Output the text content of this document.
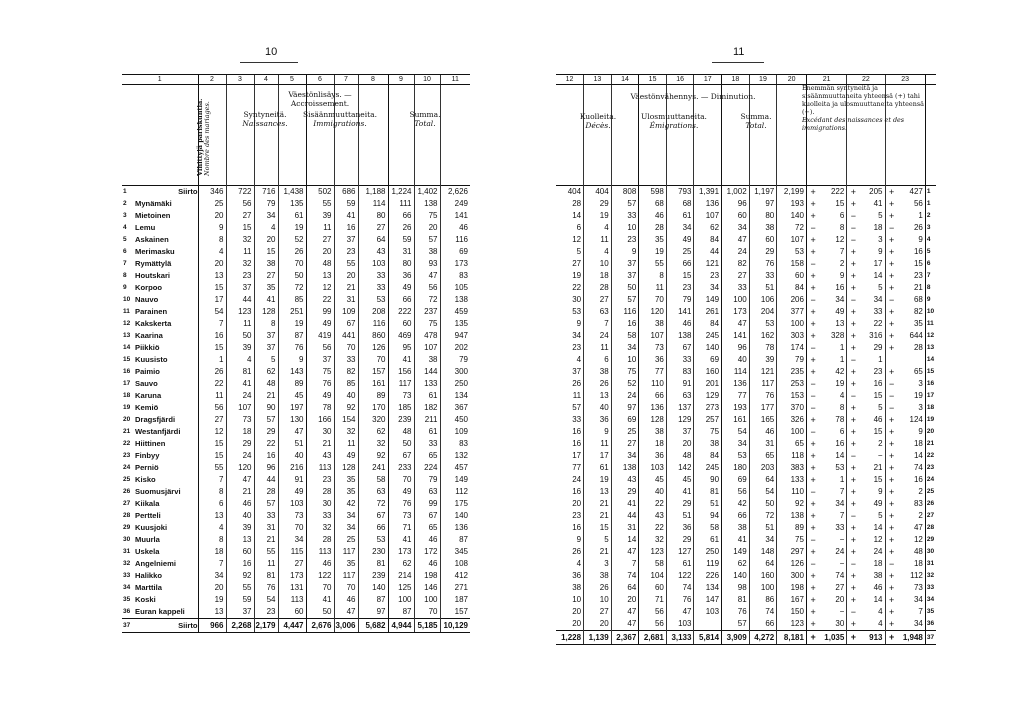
10	11
1		2	3	4	5	6	7	8	9	10	11

1	Siirto	346	722	716	1,438	502	686	1,188	1,224	1,402	2,626
2	Mynämäki	25	56	79	135	55	59	114	111	138	249
3	Mietoinen	20	27	34	61	39	41	80	66	75	141
4	Lemu	9	15	4	19	11	16	27	26	20	46
5	Askainen	8	32	20	52	27	37	64	59	57	116
6	Merimasku	4	11	15	26	20	23	43	31	38	69
7	Rymättylä	20	32	38	70	48	55	103	80	93	173
8	Houtskari	13	23	27	50	13	20	33	36	47	83
9	Korpoo	15	37	35	72	12	21	33	49	56	105
10	Nauvo	17	44	41	85	22	31	53	66	72	138
11	Parainen	54	123	128	251	99	109	208	222	237	459
12	Kakskerta	7	11	8	19	49	67	116	60	75	135
13	Kaarina	16	50	37	87	419	441	860	469	478	947
14	Piikkiö	15	39	37	76	56	70	126	95	107	202
15	Kuusisto	1	4	5	9	37	33	70	41	38	79
16	Paimio	26	81	62	143	75	82	157	156	144	300
17	Sauvo	22	41	48	89	76	85	161	117	133	250
18	Karuna	11	24	21	45	49	40	89	73	61	134
19	Kemiö	56	107	90	197	78	92	170	185	182	367
20	Dragsfjärdi	27	73	57	130	166	154	320	239	211	450
21	Westanfjärdi	12	18	29	47	30	32	62	48	61	109
22	Hiittinen	15	29	22	51	21	11	32	50	33	83
23	Finbyy	15	24	16	40	43	49	92	67	65	132
24	Perniö	55	120	96	216	113	128	241	233	224	457
25	Kisko	7	47	44	91	23	35	58	70	79	149
26	Suomusjärvi	8	21	28	49	28	35	63	49	63	112
27	Kiikala	6	46	57	103	30	42	72	76	99	175
28	Pertteli	13	40	33	73	33	34	67	73	67	140
29	Kuusjoki	4	39	31	70	32	34	66	71	65	136
30	Muurla	8	13	21	34	28	25	53	41	46	87
31	Uskela	18	60	55	115	113	117	230	173	172	345
32	Angelniemi	7	16	11	27	46	35	81	62	46	108
33	Halikko	34	92	81	173	122	117	239	214	198	412
34	Marttila	20	55	76	131	70	70	140	125	146	271
35	Koski	19	59	54	113	41	46	87	100	100	187
36	Euran kappeli	13	37	23	60	50	47	97	87	70	157
37	Siirto	966	2,268	2,179	4,447	2,676	3,006	5,682	4,944	5,185	10,129
Vihittyjä pariskuntia.
Nombre des mariages.
Väestönlisäys. — Accroissement.
Syntyneitä.
Naissances.
Sisäänmuuttaneita.
Immigrations.
Summa.
Total.
12	13	14	15	16	17	18	19	20	21		22		23		

404	404	808	598	793	1,391	1,002	1,197	2,199	+	222	+	205	+	427	1
28	29	57	68	68	136	96	97	193	+	15	+	41	+	56	1
14	19	33	46	61	107	60	80	140	+	6	−	5	+	1	2
6	4	10	28	34	62	34	38	72	−	8	−	18	−	26	3
12	11	23	35	49	84	47	60	107	+	12	−	3	+	9	4
5	4	9	19	25	44	24	29	53	+	7	+	9	+	16	5
27	10	37	55	66	121	82	76	158	−	2	+	17	+	15	6
19	18	37	8	15	23	27	33	60	+	9	+	14	+	23	7
22	28	50	11	23	34	33	51	84	+	16	+	5	+	21	8
30	27	57	70	79	149	100	106	206	−	34	−	34	−	68	9
53	63	116	120	141	261	173	204	377	+	49	+	33	+	82	10
9	7	16	38	46	84	47	53	100	+	13	+	22	+	35	11
34	24	58	107	138	245	141	162	303	+	328	+	316	+	644	12
23	11	34	73	67	140	96	78	174	−	1	+	29	+	28	13
4	6	10	36	33	69	40	39	79	+	1	−	1			14
37	38	75	77	83	160	114	121	235	+	42	+	23	+	65	15
26	26	52	110	91	201	136	117	253	−	19	+	16	−	3	16
11	13	24	66	63	129	77	76	153	−	4	−	15	−	19	17
57	40	97	136	137	273	193	177	370	−	8	+	5	−	3	18
33	36	69	128	129	257	161	165	326	+	78	+	46	+	124	19
16	9	25	38	37	75	54	46	100	−	6	+	15	+	9	20
16	11	27	18	20	38	34	31	65	+	16	+	2	+	18	21
17	17	34	36	48	84	53	65	118	+	14	−	−	+	14	22
77	61	138	103	142	245	180	203	383	+	53	+	21	+	74	23
24	19	43	45	45	90	69	64	133	+	1	+	15	+	16	24
16	13	29	40	41	81	56	54	110	−	7	+	9	+	2	25
20	21	41	22	29	51	42	50	92	+	34	+	49	+	83	26
23	21	44	43	51	94	66	72	138	+	7	−	5	+	2	27
16	15	31	22	36	58	38	51	89	+	33	+	14	+	47	28
9	5	14	32	29	61	41	34	75	−	−	+	12	+	12	29
26	21	47	123	127	250	149	148	297	+	24	+	24	+	48	30
4	3	7	58	61	119	62	64	126	−	−	−	18	−	18	31
36	38	74	104	122	226	140	160	300	+	74	+	38	+	112	32
38	26	64	60	74	134	98	100	198	+	27	+	46	+	73	33
10	10	20	71	76	147	81	86	167	+	20	+	14	+	34	34
20	27	47	56	47	103	76	74	150	+	−	−	4	+	7	35
20	20	47	56	103		57	66	123	+	30	+	4	+	34	36
1,228	1,139	2,367	2,681	3,133	5,814	3,909	4,272	8,181	+	1,035	+	913	+	1,948	37
Väestönvähennys. — Diminution.
Kuolleita.
Décès.
Ulosmuuttaneita.
Émigrations.
Summa.
Total.
Enemmän syntyneitä ja sisäänmuuttaneita yhteensä (+) tahi kuolleita ja ulosmuuttaneita yhteensä (−).
Excédant des naissances et des immigrations.
